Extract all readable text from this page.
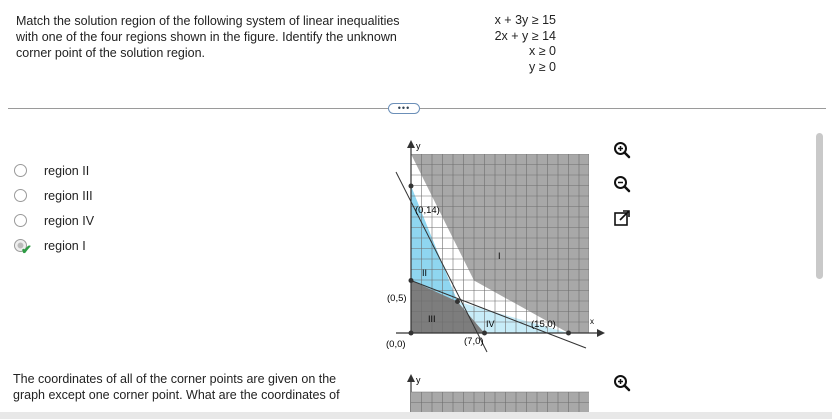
Match the solution region of the following system of linear inequalities
with one of the four regions shown in the figure. Identify the unknown
corner point of the solution region.
x + 3y ≥ 15
2x + y ≥ 14
x ≥ 0
y ≥ 0
•••
region II
region III
region IV
✔ region I
y
x
(0,14)
(0,5)
(0,0)	(7,0)
(15,0)
I
II
III	IV
The coordinates of all of the corner points are given on the
graph except one corner point. What are the coordinates of
y
